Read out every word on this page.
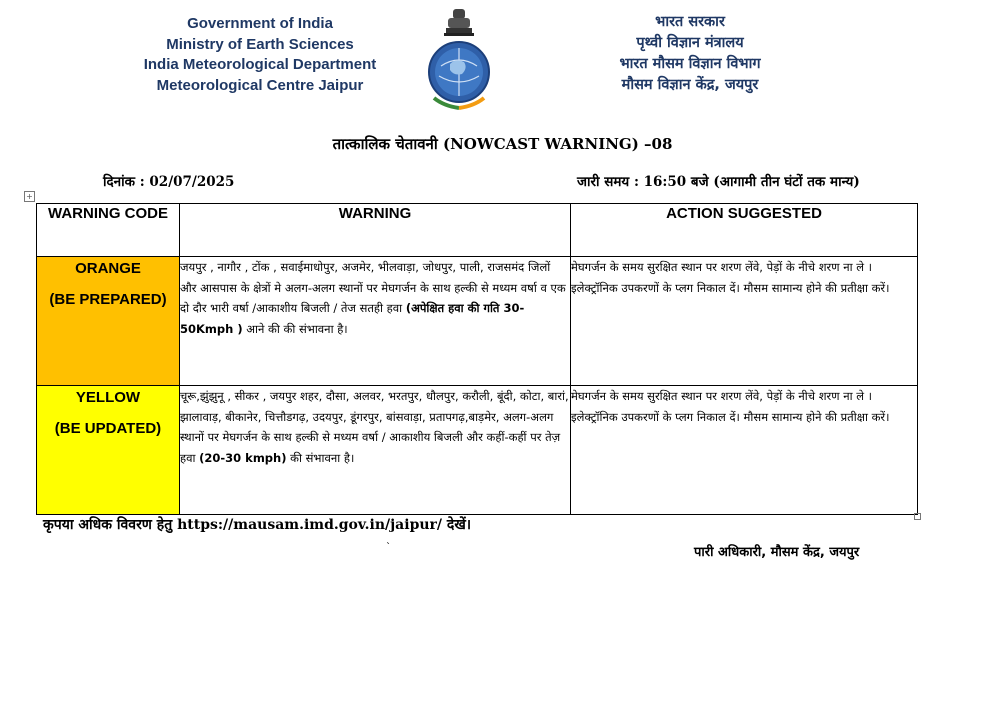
Government of India
Ministry of Earth Sciences
India Meteorological Department
Meteorological Centre Jaipur
भारत सरकार
पृथ्वी विज्ञान मंत्रालय
भारत मौसम विज्ञान विभाग
मौसम विज्ञान केंद्र, जयपुर
तात्कालिक चेतावनी (NOWCAST WARNING) –08
दिनांक : 02/07/2025	जारी समय : 16:50 बजे (आगामी तीन घंटों तक मान्य)
+
WARNING CODE	WARNING	ACTION SUGGESTED

ORANGE
(BE PREPARED)	जयपुर , नागौर , टोंक , सवाईमाधोपुर, अजमेर, भीलवाड़ा, जोधपुर, पाली, राजसमंद जिलों और आसपास के क्षेत्रों मे अलग-अलग स्थानों पर मेघगर्जन के साथ हल्की से मध्यम वर्षा व एक दो दौर भारी वर्षा /आकाशीय बिजली / तेज सतही हवा (अपेक्षित हवा की गति 30-50Kmph ) आने की की संभावना है।	मेघगर्जन के समय सुरक्षित स्थान पर शरण लेंवे, पेड़ों के नीचे शरण ना ले । इलेक्ट्रॉनिक उपकरणों के प्लग निकाल दें। मौसम सामान्य होने की प्रतीक्षा करें।

YELLOW
(BE UPDATED)	चूरू,झुंझुनू , सीकर , जयपुर शहर, दौसा, अलवर, भरतपुर, धौलपुर, करौली, बूंदी, कोटा, बारां, झालावाड़, बीकानेर, चित्तौडगढ़, उदयपुर, डूंगरपुर, बांसवाड़ा, प्रतापगढ़,बाड़मेर, अलग-अलग स्थानों पर मेघगर्जन के साथ हल्की से मध्यम वर्षा / आकाशीय बिजली और कहीं-कहीं पर तेज़ हवा (20-30 kmph) की संभावना है।	मेघगर्जन के समय सुरक्षित स्थान पर शरण लेंवे, पेड़ों के नीचे शरण ना ले । इलेक्ट्रॉनिक उपकरणों के प्लग निकाल दें। मौसम सामान्य होने की प्रतीक्षा करें।
कृपया अधिक विवरण हेतु https://mausam.imd.gov.in/jaipur/ देखें।
`	पारी अधिकारी, मौसम केंद्र, जयपुर
